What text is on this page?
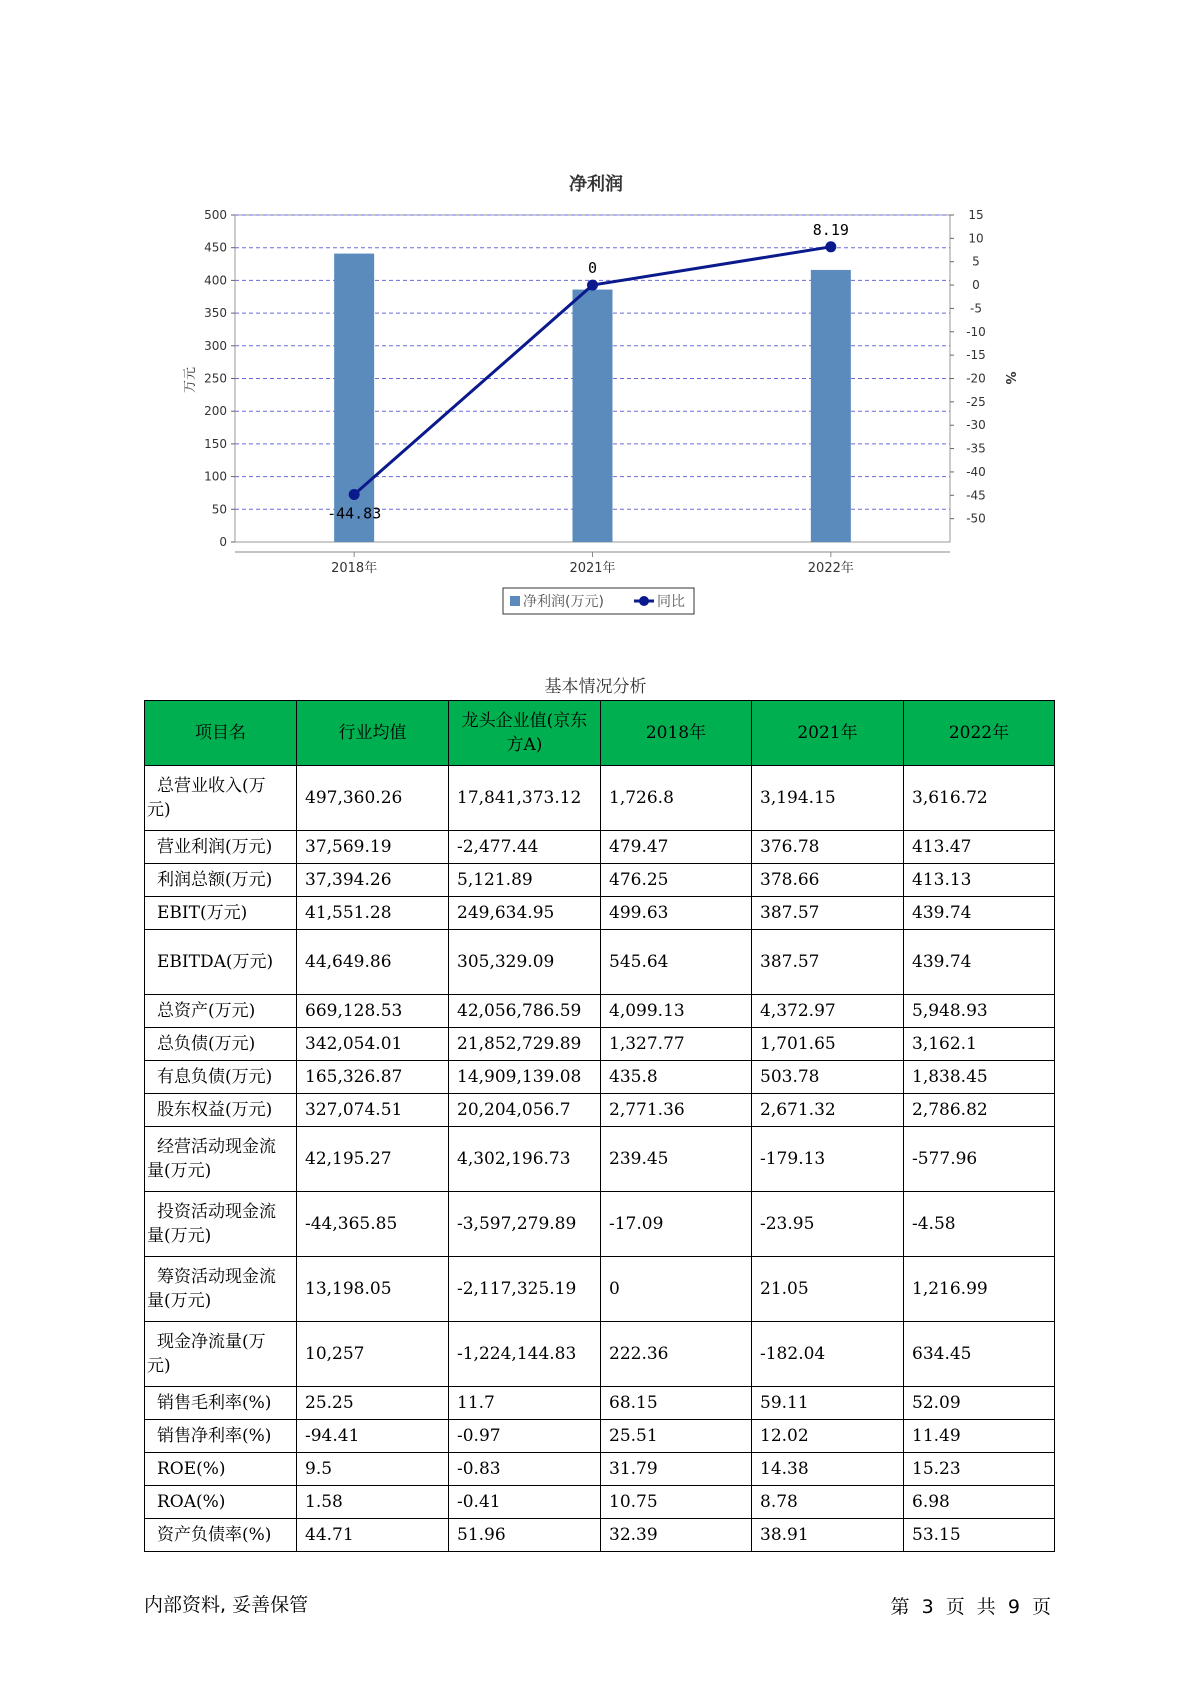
净利润
0
50
100
150
200
250
300
350
400
450
500	15
10
5
0
-5
-10
-15
-20
-25
-30
-35
-40
-45
-50
万元	%
2018年	2021年	2022年
-44.83
0
8.19
净利润(万元)	同比
基本情况分析
项目名	行业均值	龙头企业值(京东方A)	2018年	2021年	2022年
总营业收入(万元)	497,360.26	17,841,373.12	1,726.8	3,194.15	3,616.72
营业利润(万元)	37,569.19	-2,477.44	479.47	376.78	413.47
利润总额(万元)	37,394.26	5,121.89	476.25	378.66	413.13
EBIT(万元)	41,551.28	249,634.95	499.63	387.57	439.74
EBITDA(万元)	44,649.86	305,329.09	545.64	387.57	439.74
总资产(万元)	669,128.53	42,056,786.59	4,099.13	4,372.97	5,948.93
总负债(万元)	342,054.01	21,852,729.89	1,327.77	1,701.65	3,162.1
有息负债(万元)	165,326.87	14,909,139.08	435.8	503.78	1,838.45
股东权益(万元)	327,074.51	20,204,056.7	2,771.36	2,671.32	2,786.82
经营活动现金流量(万元)	42,195.27	4,302,196.73	239.45	-179.13	-577.96
投资活动现金流量(万元)	-44,365.85	-3,597,279.89	-17.09	-23.95	-4.58
筹资活动现金流量(万元)	13,198.05	-2,117,325.19	0	21.05	1,216.99
现金净流量(万元)	10,257	-1,224,144.83	222.36	-182.04	634.45
销售毛利率(%)	25.25	11.7	68.15	59.11	52.09
销售净利率(%)	-94.41	-0.97	25.51	12.02	11.49
ROE(%)	9.5	-0.83	31.79	14.38	15.23
ROA(%)	1.58	-0.41	10.75	8.78	6.98
资产负债率(%)	44.71	51.96	32.39	38.91	53.15
内部资料, 妥善保管	第 3 页 共 9 页
